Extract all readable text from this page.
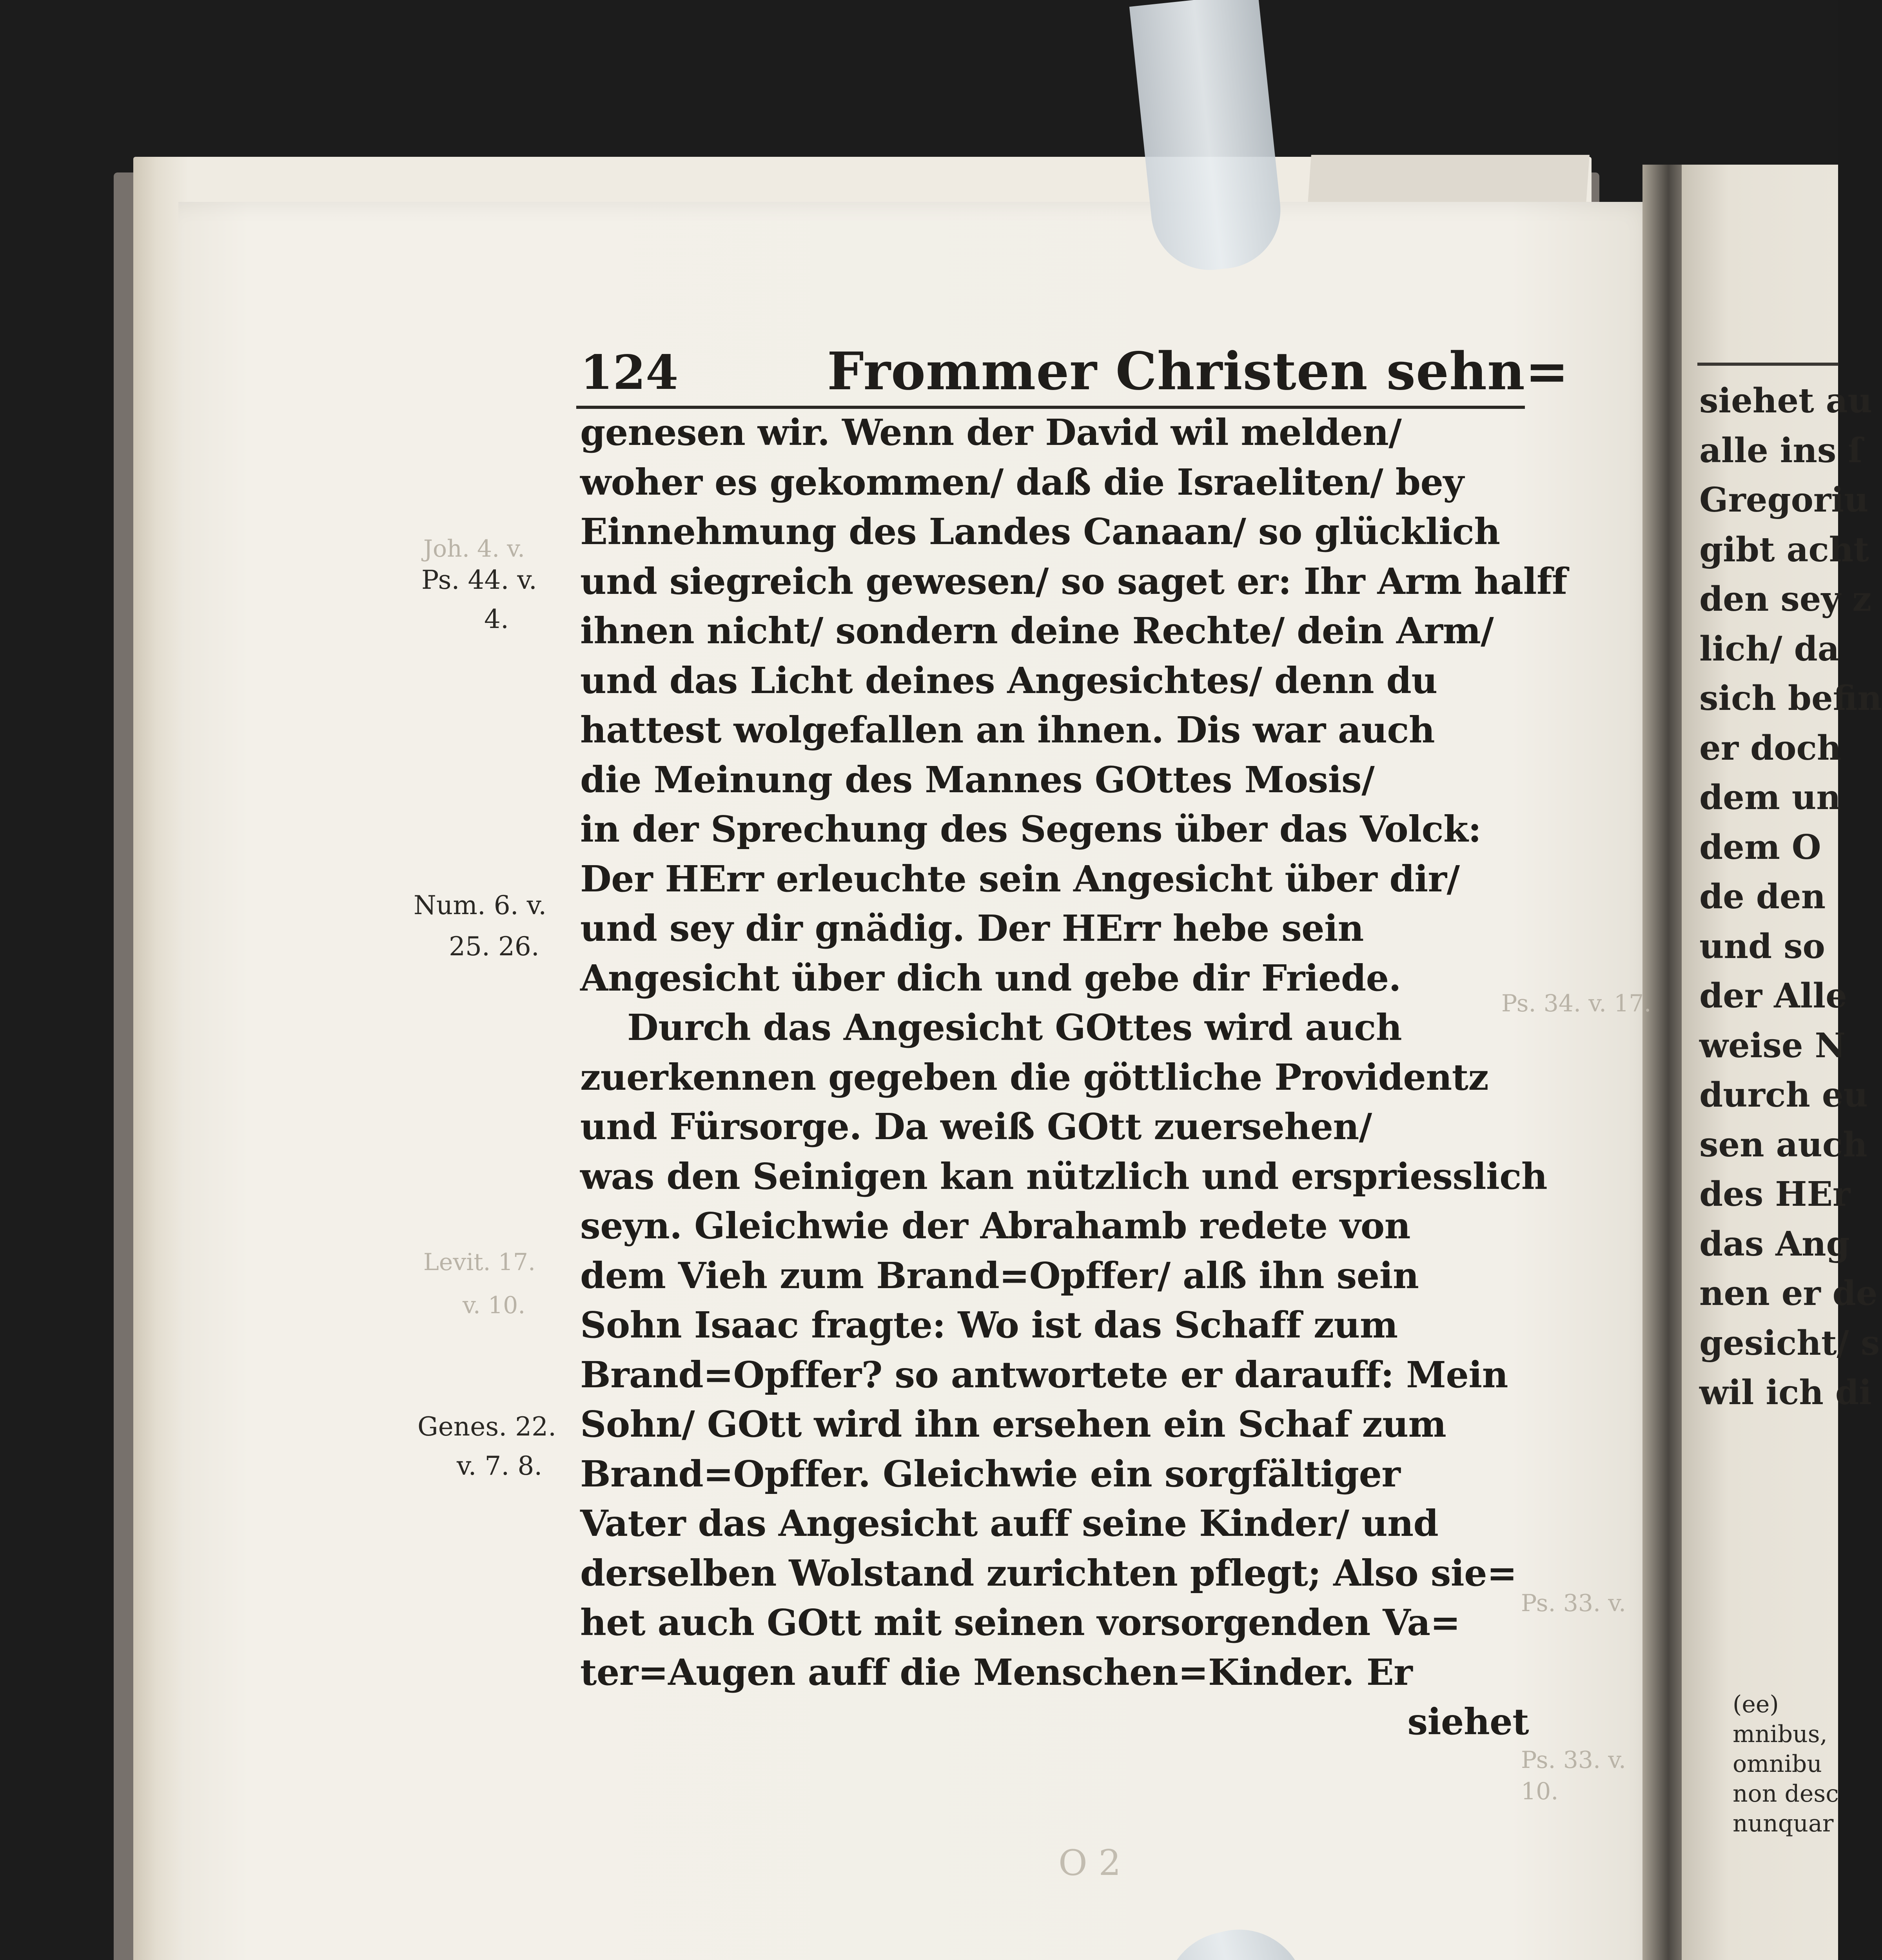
Joh. 4. v.
Ps. 34. v. 17.
Levit. 17.
v. 10.
Ps. 33. v.
Ps. 33. v.
10.
124	Frommer Christen sehn=
genesen wir. Wenn der David wil melden/
woher es gekommen/ daß die Israeliten/ bey
Einnehmung des Landes Canaan/ so glücklich
und siegreich gewesen/ so saget er: Ihr Arm halff
ihnen nicht/ sondern deine Rechte/ dein Arm/
und das Licht deines Angesichtes/ denn du
hattest wolgefallen an ihnen. Dis war auch
die Meinung des Mannes GOttes Mosis/
in der Sprechung des Segens über das Volck:
Der HErr erleuchte sein Angesicht über dir/
und sey dir gnädig. Der HErr hebe sein
Angesicht über dich und gebe dir Friede.
Durch das Angesicht GOttes wird auch
zuerkennen gegeben die göttliche Providentz
und Fürsorge. Da weiß GOtt zuersehen/
was den Seinigen kan nützlich und erspriesslich
seyn. Gleichwie der Abrahamb redete von
dem Vieh zum Brand=Opffer/ alß ihn sein
Sohn Isaac fragte: Wo ist das Schaff zum
Brand=Opffer? so antwortete er darauff: Mein
Sohn/ GOtt wird ihn ersehen ein Schaf zum
Brand=Opffer. Gleichwie ein sorgfältiger
Vater das Angesicht auff seine Kinder/ und
derselben Wolstand zurichten pflegt; Also sie=
het auch GOtt mit seinen vorsorgenden Va=
ter=Augen auff die Menschen=Kinder. Er
siehet
Ps. 44. v.
4.
Num. 6. v.
25. 26.
Genes. 22.
v. 7. 8.
O 2
siehet au
alle ins ſ
Gregoriu
gibt acht
den sey z
lich/ da
sich befin
er doch
dem un
dem O
de den
und so
der Alle
weise N
durch eu
sen auch
des HEr
das Ang
nen er de
gesicht/ s
wil ich di
(ee)
mnibus,
omnibu
non desc
nunquar
